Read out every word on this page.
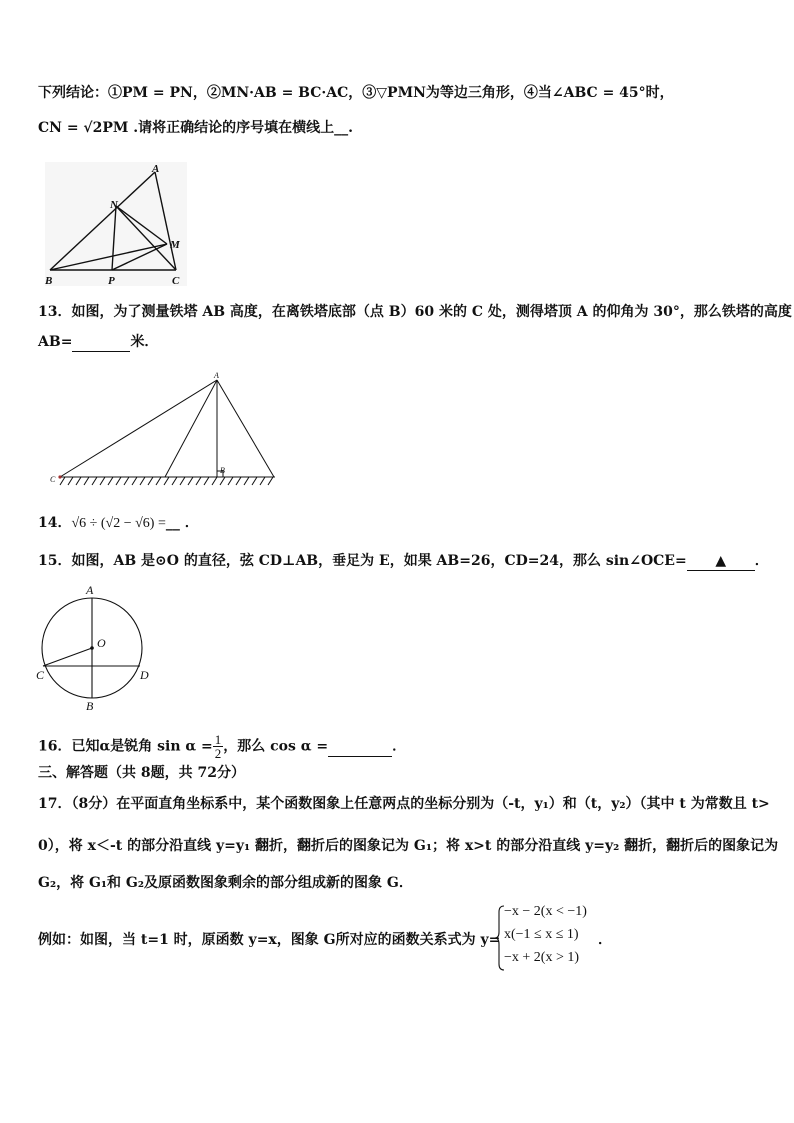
下列结论：①PM = PN，②MN·AB = BC·AC，③▽PMN为等边三角形，④当∠ABC = 45°时，
CN = √2PM .请将正确结论的序号填在横线上__.
A
N
M
B	P	C
13．如图，为了测量铁塔 AB 高度，在离铁塔底部（点 B）60 米的 C 处，测得塔顶 A 的仰角为 30°，那么铁塔的高度
AB=	米．
A
B
C
14．√6 ÷ (√2 − √6) =__ ．
15．如图，AB 是⊙O 的直径，弦 CD⊥AB，垂足为 E，如果 AB=26，CD=24，那么 sin∠OCE= ▲ ．
A
O
C	D
B
16．已知α是锐角 $\sin \alpha = \frac{1}{2}$ ，那么 cos α =	．
三、解答题（共 8题，共 72分）
17．（8分）在平面直角坐标系中，某个函数图象上任意两点的坐标分别为（-t，y₁）和（t，y₂）（其中 t 为常数且 t>
0），将 x＜-t 的部分沿直线 y=y₁ 翻折，翻折后的图象记为 G₁；将 x>t 的部分沿直线 y=y₂ 翻折，翻折后的图象记为
G₂，将 G₁和 G₂及原函数图象剩余的部分组成新的图象 G．
例如：如图，当 t=1 时，原函数 y=x，图象 G所对应的函数关系式为 y=
−x − 2(x < −1)
x(−1 ≤ x ≤ 1)
−x + 2(x > 1)
．
